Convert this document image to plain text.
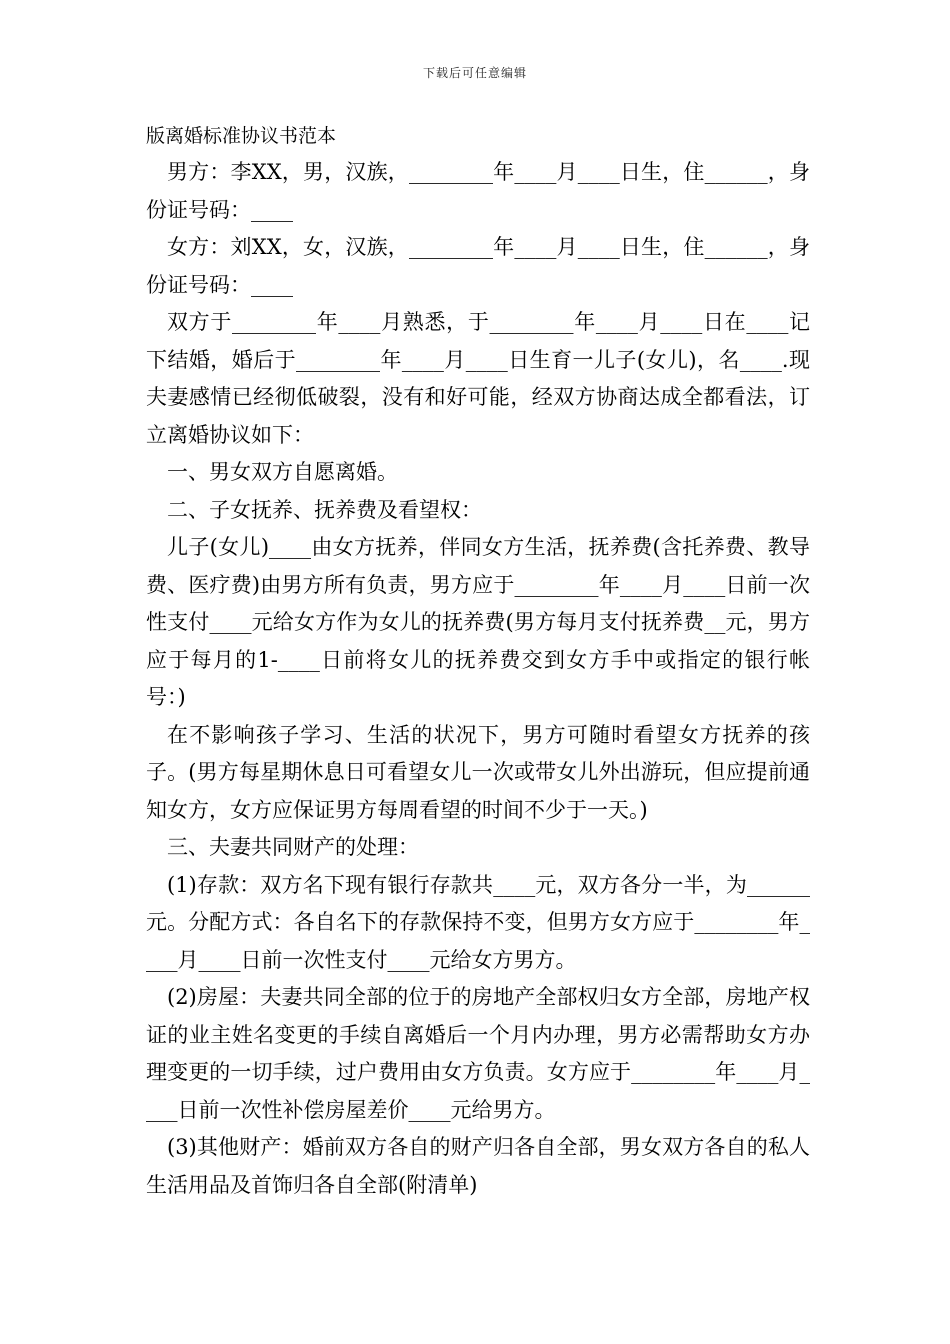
下载后可任意编辑

版离婚标准协议书范本

男方：李XX，男，汉族，________年____月____日生，住______，身份证号码：____

女方：刘XX，女，汉族，________年____月____日生，住______，身份证号码：____

双方于________年____月熟悉，于________年____月____日在____记下结婚，婚后于________年____月____日生育一儿子(女儿)，名____.现夫妻感情已经彻低破裂，没有和好可能，经双方协商达成全都看法，订立离婚协议如下：

一、男女双方自愿离婚。

二、子女抚养、抚养费及看望权：

儿子(女儿)____由女方抚养，伴同女方生活，抚养费(含托养费、教导费、医疗费)由男方所有负责，男方应于________年____月____日前一次性支付____元给女方作为女儿的抚养费(男方每月支付抚养费__元，男方应于每月的1-____日前将女儿的抚养费交到女方手中或指定的银行帐号：)

在不影响孩子学习、生活的状况下，男方可随时看望女方抚养的孩子。(男方每星期休息日可看望女儿一次或带女儿外出游玩，但应提前通知女方，女方应保证男方每周看望的时间不少于一天。)

三、夫妻共同财产的处理：

(1)存款：双方名下现有银行存款共____元，双方各分一半，为______元。分配方式：各自名下的存款保持不变，但男方女方应于________年____月____日前一次性支付____元给女方男方。

(2)房屋：夫妻共同全部的位于的房地产全部权归女方全部，房地产权证的业主姓名变更的手续自离婚后一个月内办理，男方必需帮助女方办理变更的一切手续，过户费用由女方负责。女方应于________年____月____日前一次性补偿房屋差价____元给男方。

(3)其他财产：婚前双方各自的财产归各自全部，男女双方各自的私人生活用品及首饰归各自全部(附清单)
